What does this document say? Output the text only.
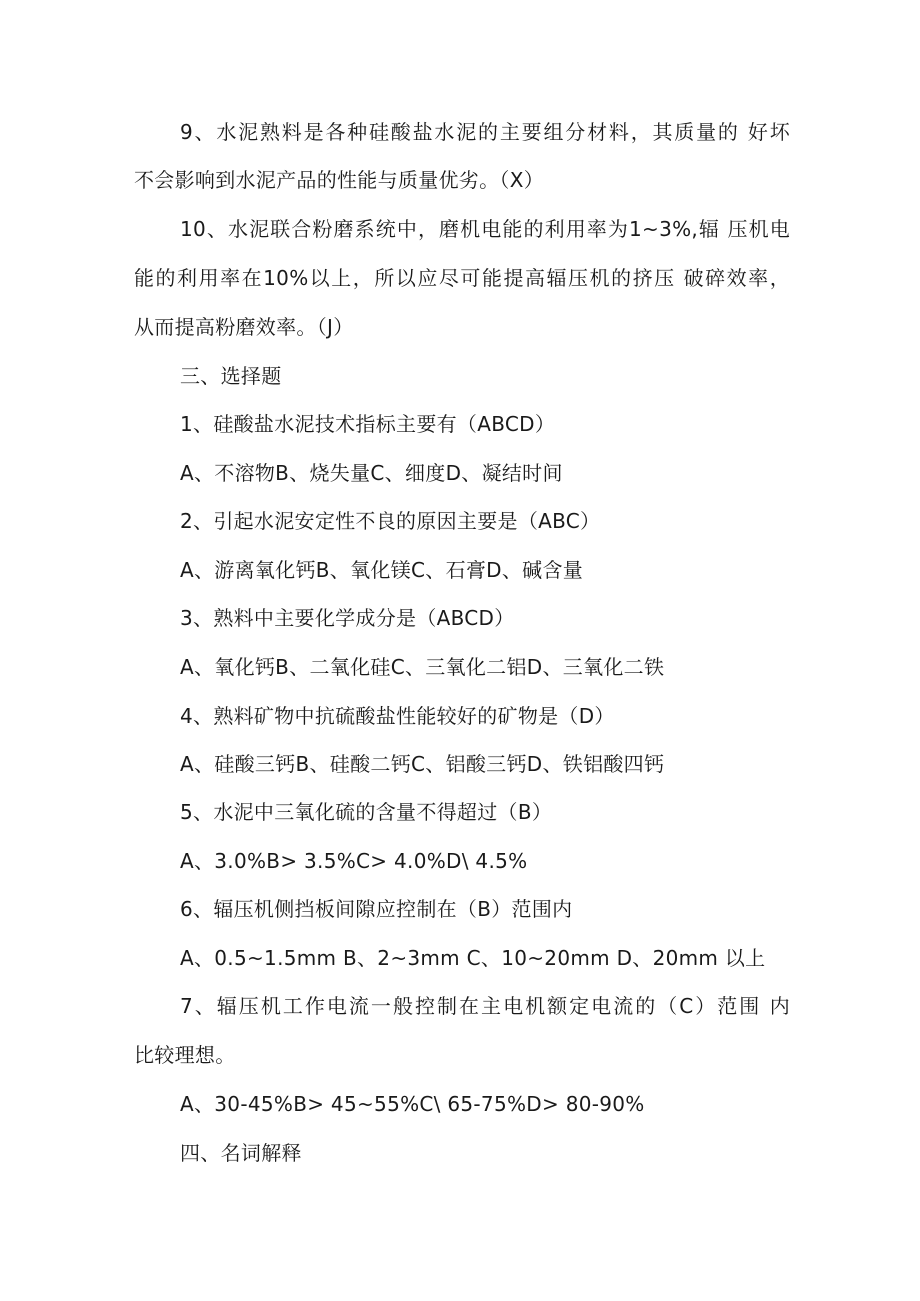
9、水泥熟料是各种硅酸盐水泥的主要组分材料，其质量的 好坏
不会影响到水泥产品的性能与质量优劣。（X）
10、水泥联合粉磨系统中，磨机电能的利用率为1~3%,辐 压机电
能的利用率在10%以上，所以应尽可能提高辐压机的挤压 破碎效率，
从而提高粉磨效率。（J）
三、选择题
1、硅酸盐水泥技术指标主要有（ABCD）
A、不溶物B、烧失量C、细度D、凝结时间
2、引起水泥安定性不良的原因主要是（ABC）
A、游离氧化钙B、氧化镁C、石膏D、碱含量
3、熟料中主要化学成分是（ABCD）
A、氧化钙B、二氧化硅C、三氧化二铝D、三氧化二铁
4、熟料矿物中抗硫酸盐性能较好的矿物是（D）
A、硅酸三钙B、硅酸二钙C、铝酸三钙D、铁铝酸四钙
5、水泥中三氧化硫的含量不得超过（B）
A、3.0%B> 3.5%C> 4.0%D\ 4.5%
6、辐压机侧挡板间隙应控制在（B）范围内
A、0.5~1.5mm B、2~3mm C、10~20mm D、20mm 以上
7、辐压机工作电流一般控制在主电机额定电流的（C）范围 内
比较理想。
A、30-45%B> 45~55%C\ 65-75%D> 80-90%
四、名词解释
